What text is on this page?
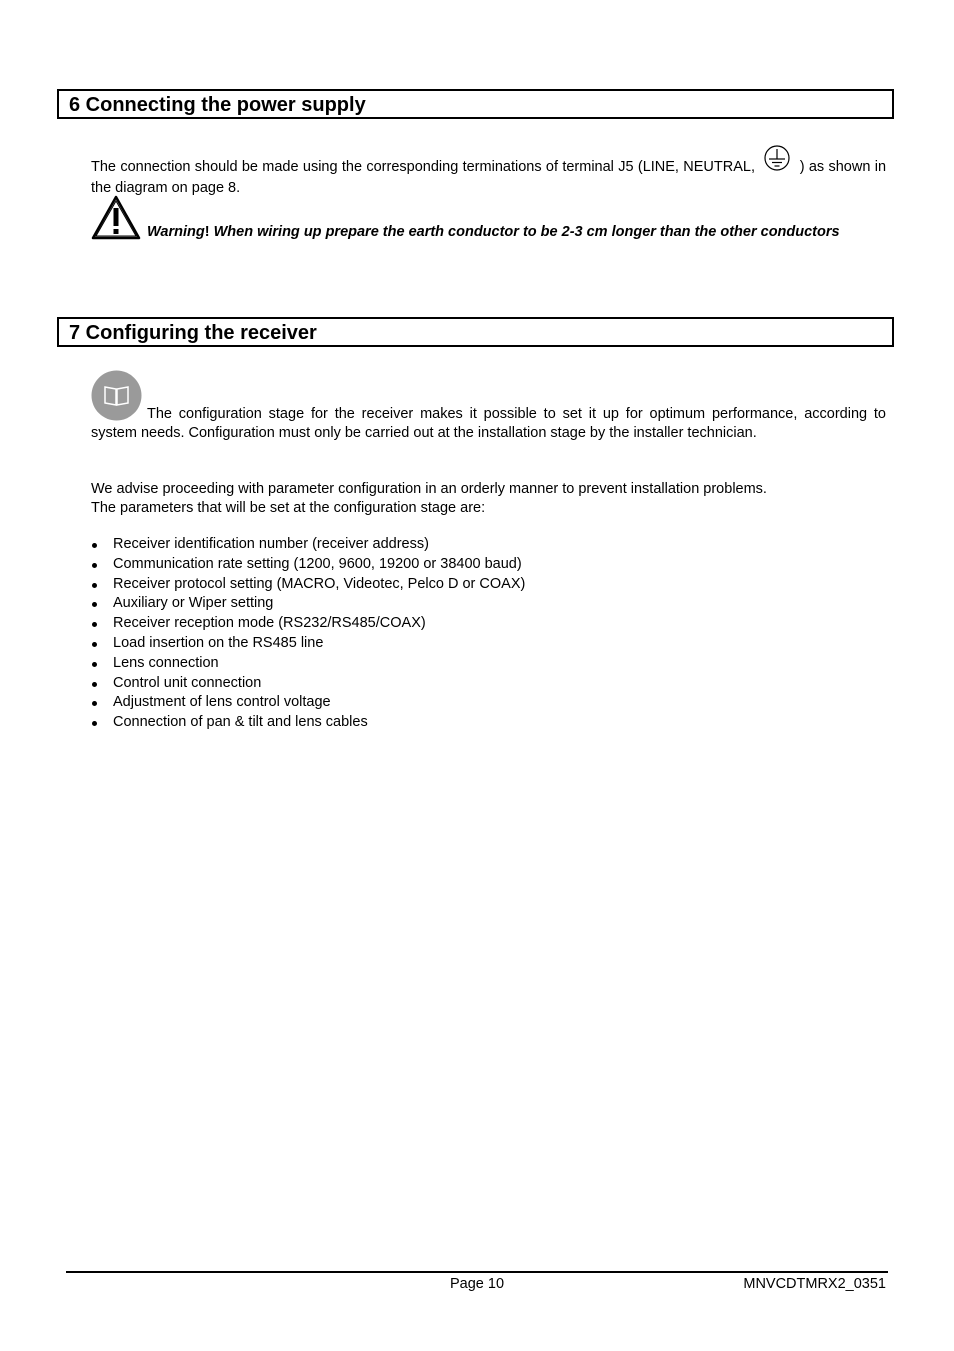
6 Connecting the power supply

The connection should be made using the corresponding terminations of terminal J5 (LINE, NEUTRAL,	) as shown in the diagram on page 8.

Warning! When wiring up prepare the earth conductor to be 2-3 cm longer than the other conductors

7 Configuring the receiver

The configuration stage for the receiver makes it possible to set it up for optimum performance, according to system needs. Configuration must only be carried out at the installation stage by the installer technician.

We advise proceeding with parameter configuration in an orderly manner to prevent installation problems.
The parameters that will be set at the configuration stage are:

Receiver identification number (receiver address)
Communication rate setting (1200, 9600, 19200 or 38400 baud)
Receiver protocol setting (MACRO, Videotec, Pelco D or COAX)
Auxiliary or Wiper setting
Receiver reception mode (RS232/RS485/COAX)
Load insertion on the RS485 line
Lens connection
Control unit connection
Adjustment of lens control voltage
Connection of pan & tilt and lens cables
Page 10	MNVCDTMRX2_0351
